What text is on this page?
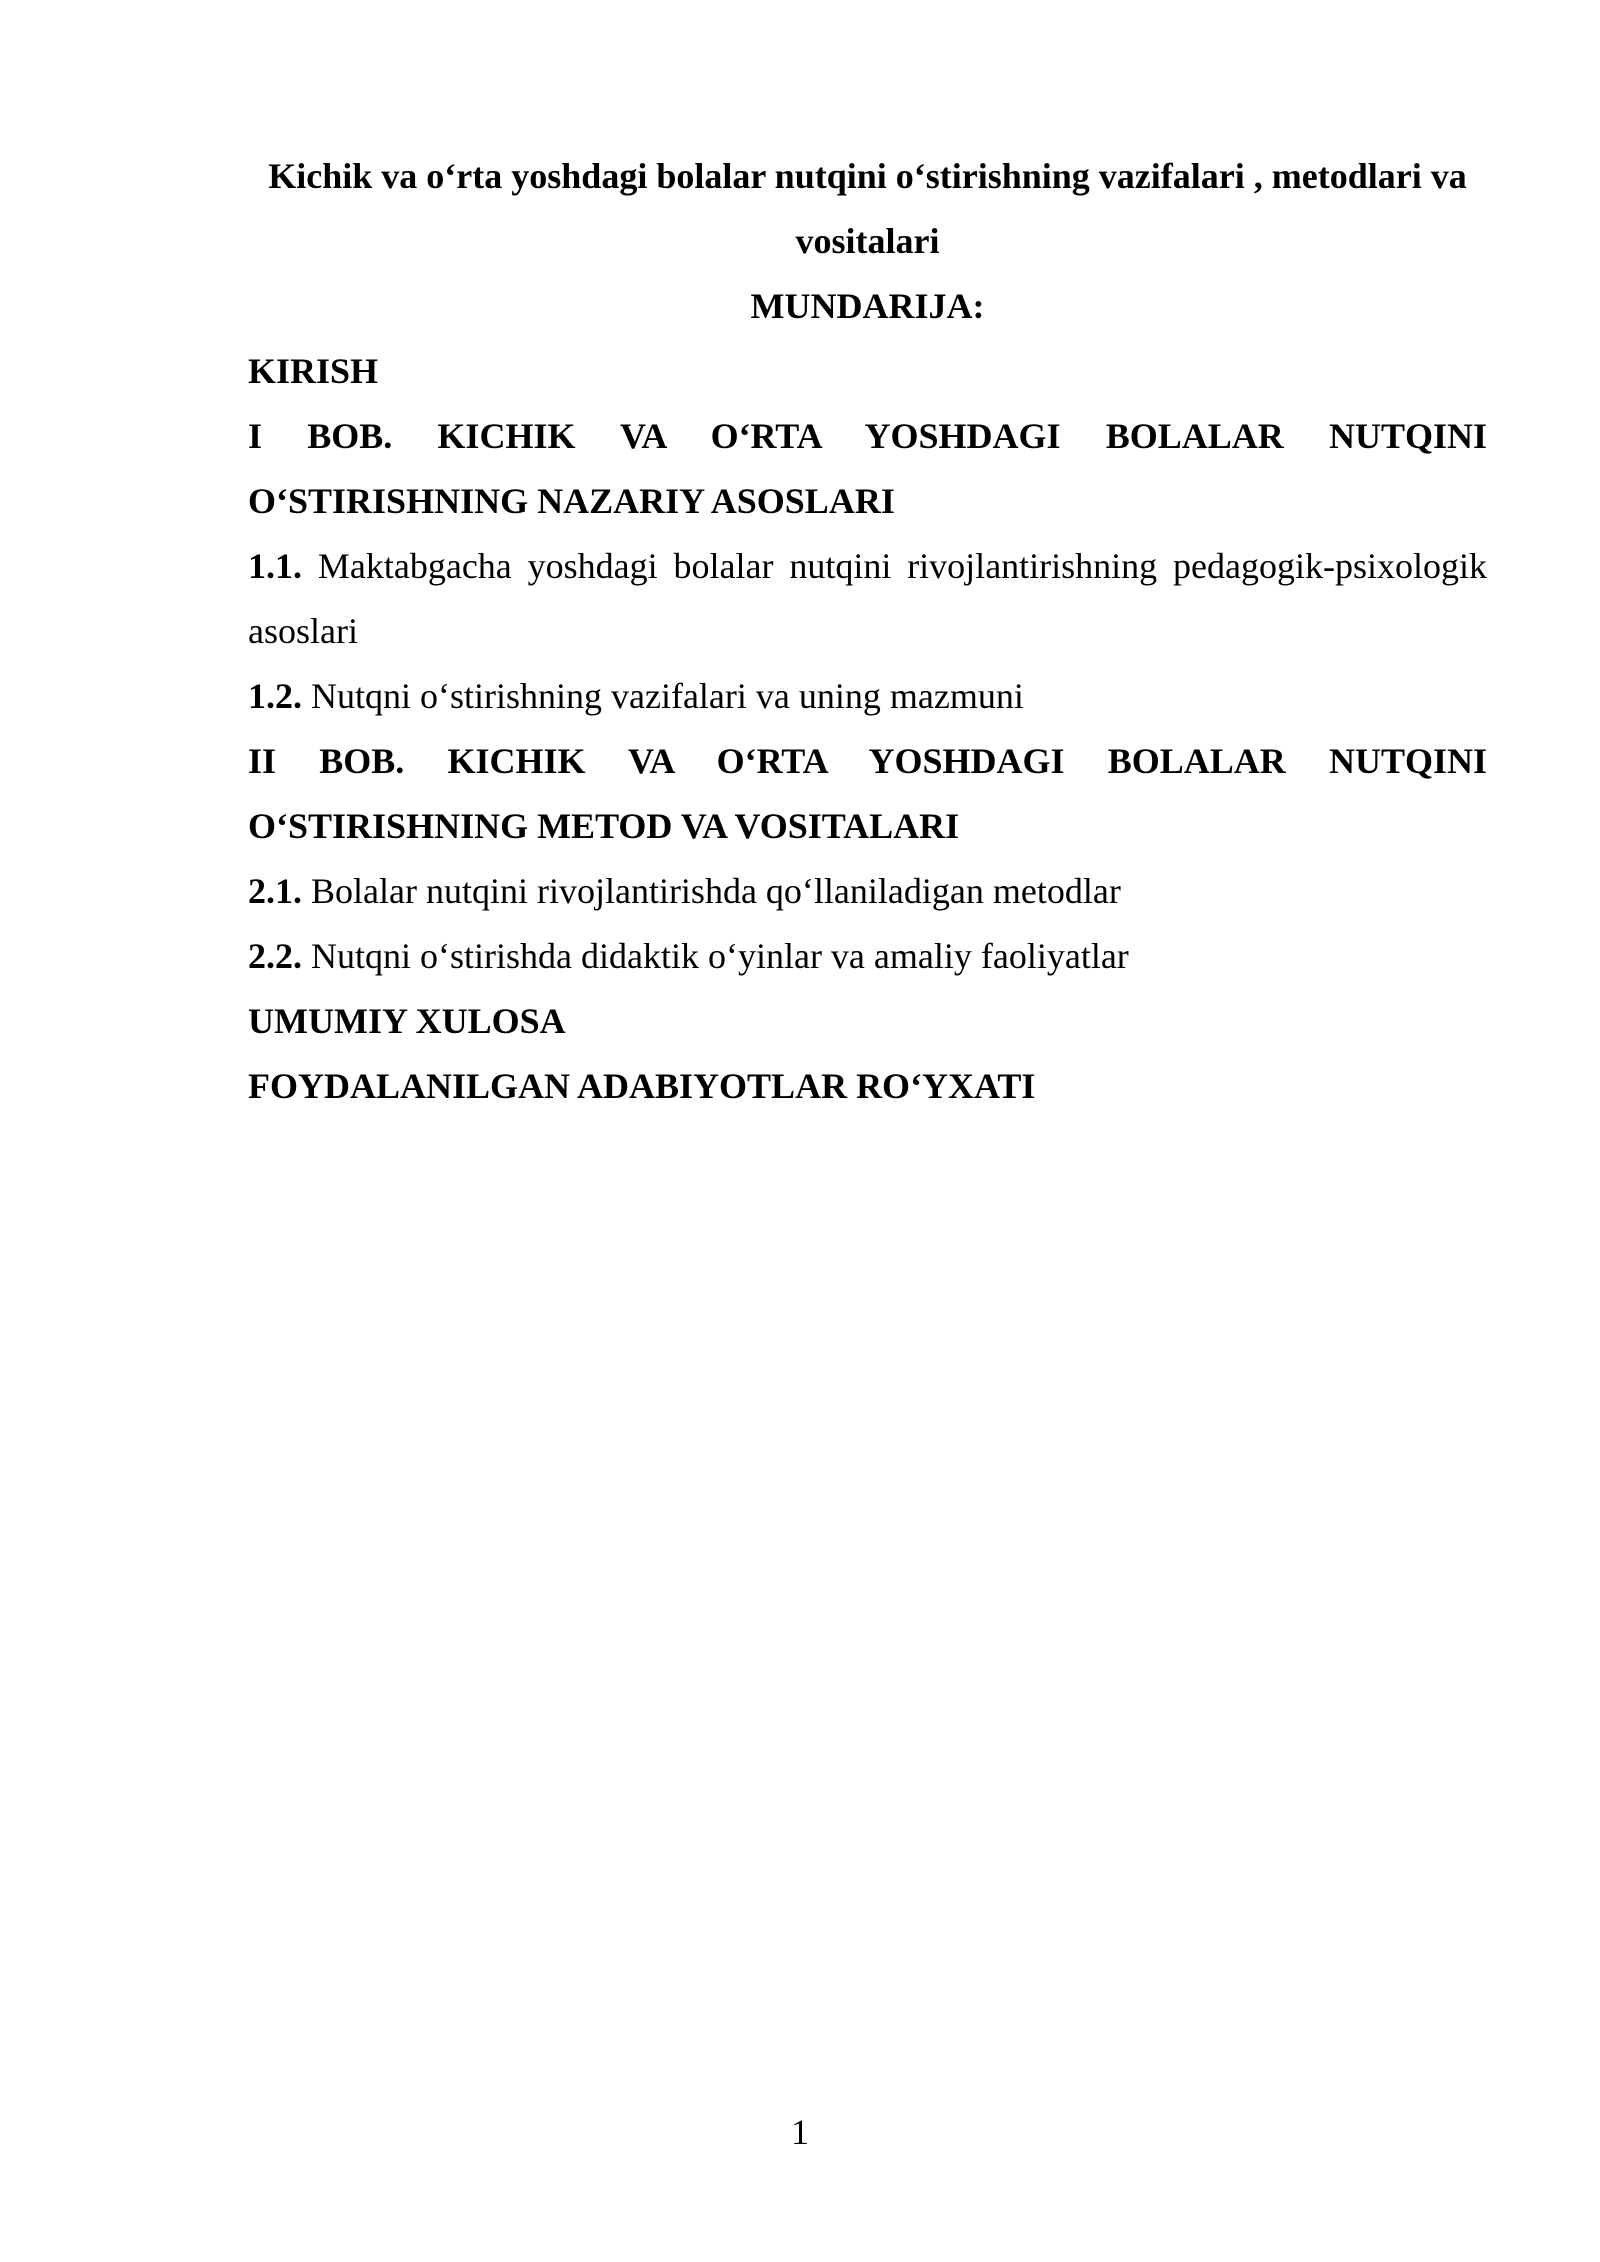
Kichik va o‘rta yoshdagi bolalar nutqini o‘stirishning vazifalari , metodlari va vositalari

MUNDARIJA:

KIRISH

I BOB. KICHIK VA O‘RTA YOSHDAGI BOLALAR NUTQINI O‘STIRISHNING NAZARIY ASOSLARI

1.1. Maktabgacha yoshdagi bolalar nutqini rivojlantirishning pedagogik-psixologik asoslari

1.2. Nutqni o‘stirishning vazifalari va uning mazmuni

II BOB. KICHIK VA O‘RTA YOSHDAGI BOLALAR NUTQINI O‘STIRISHNING METOD VA VOSITALARI

2.1. Bolalar nutqini rivojlantirishda qo‘llaniladigan metodlar

2.2. Nutqni o‘stirishda didaktik o‘yinlar va amaliy faoliyatlar

UMUMIY XULOSA

FOYDALANILGAN ADABIYOTLAR RO‘YXATI

1
